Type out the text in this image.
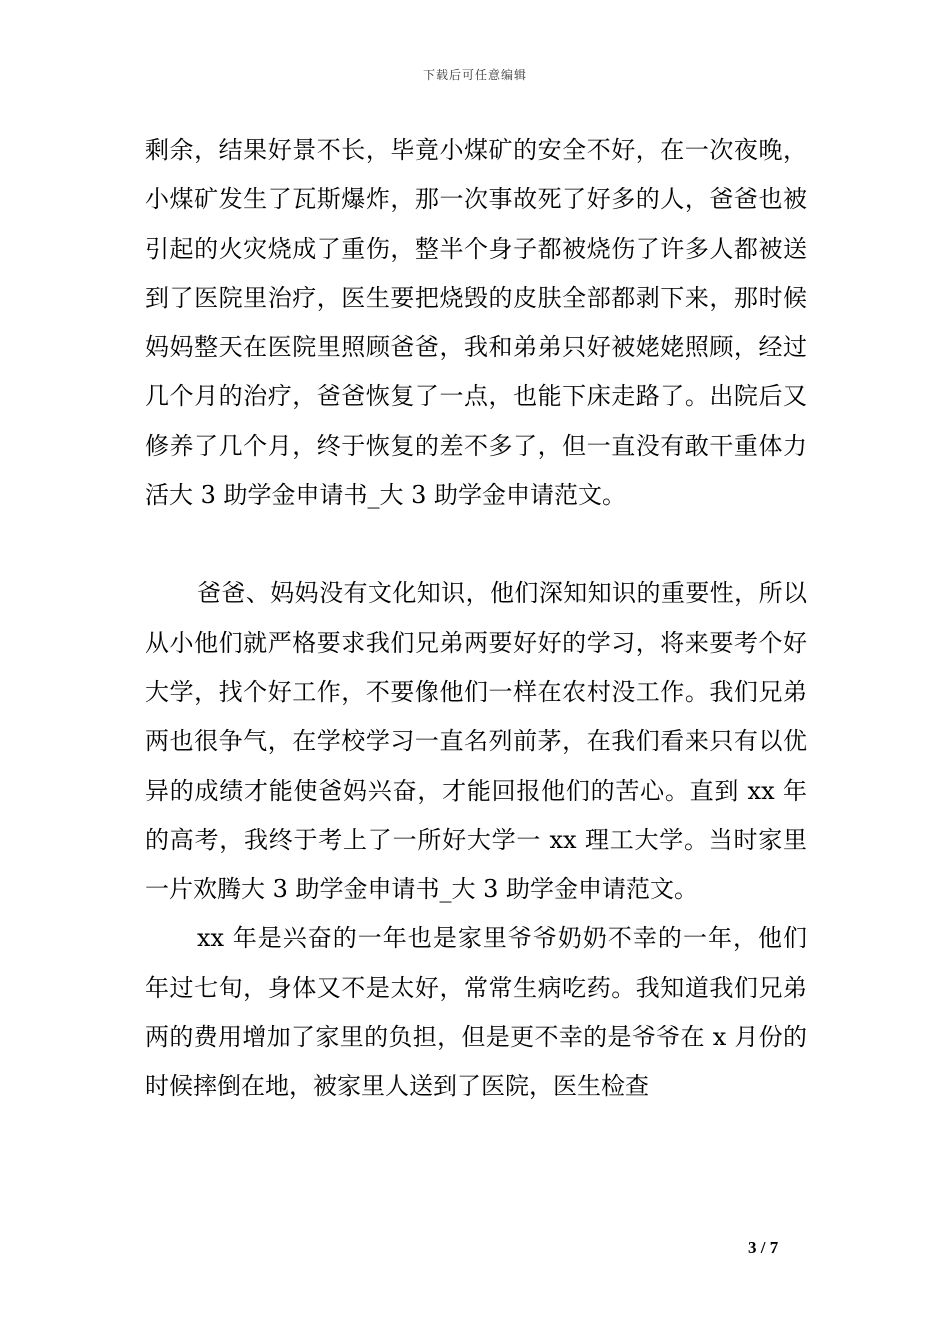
下载后可任意编辑

剩余，结果好景不长，毕竟小煤矿的安全不好，在一次夜晚，小煤矿发生了瓦斯爆炸，那一次事故死了好多的人，爸爸也被引起的火灾烧成了重伤，整半个身子都被烧伤了许多人都被送到了医院里治疗，医生要把烧毁的皮肤全部都剥下来，那时候妈妈整天在医院里照顾爸爸，我和弟弟只好被姥姥照顾，经过几个月的治疗，爸爸恢复了一点，也能下床走路了。出院后又修养了几个月，终于恢复的差不多了，但一直没有敢干重体力活大 3 助学金申请书_大 3 助学金申请范文。

爸爸、妈妈没有文化知识，他们深知知识的重要性，所以从小他们就严格要求我们兄弟两要好好的学习，将来要考个好大学，找个好工作，不要像他们一样在农村没工作。我们兄弟两也很争气，在学校学习一直名列前茅，在我们看来只有以优异的成绩才能使爸妈兴奋，才能回报他们的苦心。直到 xx 年的高考，我终于考上了一所好大学一 xx 理工大学。当时家里一片欢腾大 3 助学金申请书_大 3 助学金申请范文。

xx 年是兴奋的一年也是家里爷爷奶奶不幸的一年，他们年过七旬，身体又不是太好，常常生病吃药。我知道我们兄弟两的费用增加了家里的负担，但是更不幸的是爷爷在 x 月份的时候摔倒在地，被家里人送到了医院，医生检查

3 / 7
